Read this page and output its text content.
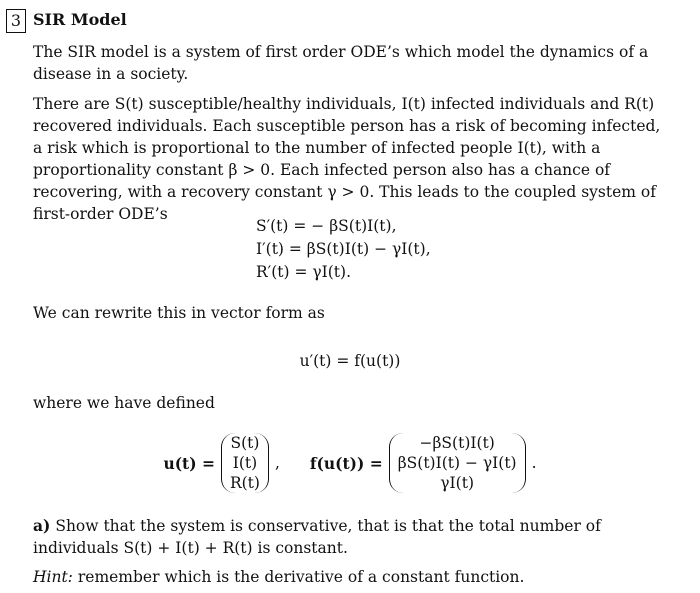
3 SIR Model
The SIR model is a system of first order ODE’s which model the dynamics of a disease in a society.
There are S(t) susceptible/healthy individuals, I(t) infected individuals and R(t) recovered individuals. Each susceptible person has a risk of becoming infected, a risk which is proportional to the number of infected people I(t), with a proportionality constant β > 0. Each infected person also has a chance of recovering, with a recovery constant γ > 0. This leads to the coupled system of first-order ODE’s
S′(t) = − βS(t)I(t),
I′(t) = βS(t)I(t) − γI(t),
R′(t) = γI(t).
We can rewrite this in vector form as
u′(t) = f(u(t))
where we have defined
u(t) =
S(t)
I(t)
R(t)
, f(u(t)) =
−βS(t)I(t)
βS(t)I(t) − γI(t)
γI(t)
.
a) Show that the system is conservative, that is that the total number of individuals S(t) + I(t) + R(t) is constant.
Hint: remember which is the derivative of a constant function.
